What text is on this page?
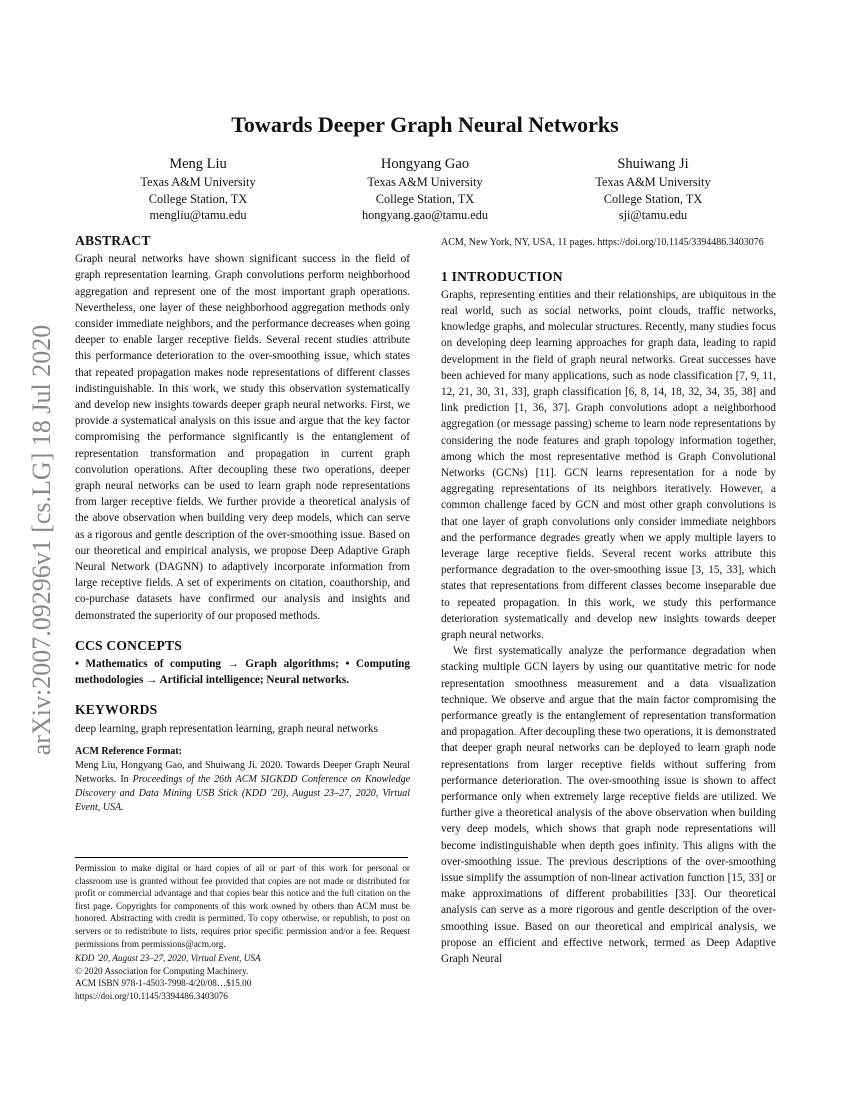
arXiv:2007.09296v1 [cs.LG] 18 Jul 2020
Towards Deeper Graph Neural Networks
Meng Liu
Texas A&M University
College Station, TX
mengliu@tamu.edu
Hongyang Gao
Texas A&M University
College Station, TX
hongyang.gao@tamu.edu
Shuiwang Ji
Texas A&M University
College Station, TX
sji@tamu.edu
ABSTRACT

Graph neural networks have shown significant success in the field of graph representation learning. Graph convolutions perform neighborhood aggregation and represent one of the most important graph operations. Nevertheless, one layer of these neighborhood aggregation methods only consider immediate neighbors, and the performance decreases when going deeper to enable larger receptive fields. Several recent studies attribute this performance deterioration to the over-smoothing issue, which states that repeated propagation makes node representations of different classes indistinguishable. In this work, we study this observation systematically and develop new insights towards deeper graph neural networks. First, we provide a systematical analysis on this issue and argue that the key factor compromising the performance significantly is the entanglement of representation transformation and propagation in current graph convolution operations. After decoupling these two operations, deeper graph neural networks can be used to learn graph node representations from larger receptive fields. We further provide a theoretical analysis of the above observation when building very deep models, which can serve as a rigorous and gentle description of the over-smoothing issue. Based on our theoretical and empirical analysis, we propose Deep Adaptive Graph Neural Network (DAGNN) to adaptively incorporate information from large receptive fields. A set of experiments on citation, coauthorship, and co-purchase datasets have confirmed our analysis and insights and demonstrated the superiority of our proposed methods.

CCS CONCEPTS

• Mathematics of computing → Graph algorithms; • Computing methodologies → Artificial intelligence; Neural networks.

KEYWORDS

deep learning, graph representation learning, graph neural networks

ACM Reference Format:
Meng Liu, Hongyang Gao, and Shuiwang Ji. 2020. Towards Deeper Graph Neural Networks. In Proceedings of the 26th ACM SIGKDD Conference on Knowledge Discovery and Data Mining USB Stick (KDD '20), August 23–27, 2020, Virtual Event, USA.

Permission to make digital or hard copies of all or part of this work for personal or classroom use is granted without fee provided that copies are not made or distributed for profit or commercial advantage and that copies bear this notice and the full citation on the first page. Copyrights for components of this work owned by others than ACM must be honored. Abstracting with credit is permitted. To copy otherwise, or republish, to post on servers or to redistribute to lists, requires prior specific permission and/or a fee. Request permissions from permissions@acm.org.

KDD '20, August 23–27, 2020, Virtual Event, USA

© 2020 Association for Computing Machinery.

ACM ISBN 978-1-4503-7998-4/20/08…$15.00

https://doi.org/10.1145/3394486.3403076

ACM, New York, NY, USA, 11 pages. https://doi.org/10.1145/3394486.3403076

1 INTRODUCTION

Graphs, representing entities and their relationships, are ubiquitous in the real world, such as social networks, point clouds, traffic networks, knowledge graphs, and molecular structures. Recently, many studies focus on developing deep learning approaches for graph data, leading to rapid development in the field of graph neural networks. Great successes have been achieved for many applications, such as node classification [7, 9, 11, 12, 21, 30, 31, 33], graph classification [6, 8, 14, 18, 32, 34, 35, 38] and link prediction [1, 36, 37]. Graph convolutions adopt a neighborhood aggregation (or message passing) scheme to learn node representations by considering the node features and graph topology information together, among which the most representative method is Graph Convolutional Networks (GCNs) [11]. GCN learns representation for a node by aggregating representations of its neighbors iteratively. However, a common challenge faced by GCN and most other graph convolutions is that one layer of graph convolutions only consider immediate neighbors and the performance degrades greatly when we apply multiple layers to leverage large receptive fields. Several recent works attribute this performance degradation to the over-smoothing issue [3, 15, 33], which states that representations from different classes become inseparable due to repeated propagation. In this work, we study this performance deterioration systematically and develop new insights towards deeper graph neural networks.

We first systematically analyze the performance degradation when stacking multiple GCN layers by using our quantitative metric for node representation smoothness measurement and a data visualization technique. We observe and argue that the main factor compromising the performance greatly is the entanglement of representation transformation and propagation. After decoupling these two operations, it is demonstrated that deeper graph neural networks can be deployed to learn graph node representations from larger receptive fields without suffering from performance deterioration. The over-smoothing issue is shown to affect performance only when extremely large receptive fields are utilized. We further give a theoretical analysis of the above observation when building very deep models, which shows that graph node representations will become indistinguishable when depth goes infinity. This aligns with the over-smoothing issue. The previous descriptions of the over-smoothing issue simplify the assumption of non-linear activation function [15, 33] or make approximations of different probabilities [33]. Our theoretical analysis can serve as a more rigorous and gentle description of the over-smoothing issue. Based on our theoretical and empirical analysis, we propose an efficient and effective network, termed as Deep Adaptive Graph Neural
